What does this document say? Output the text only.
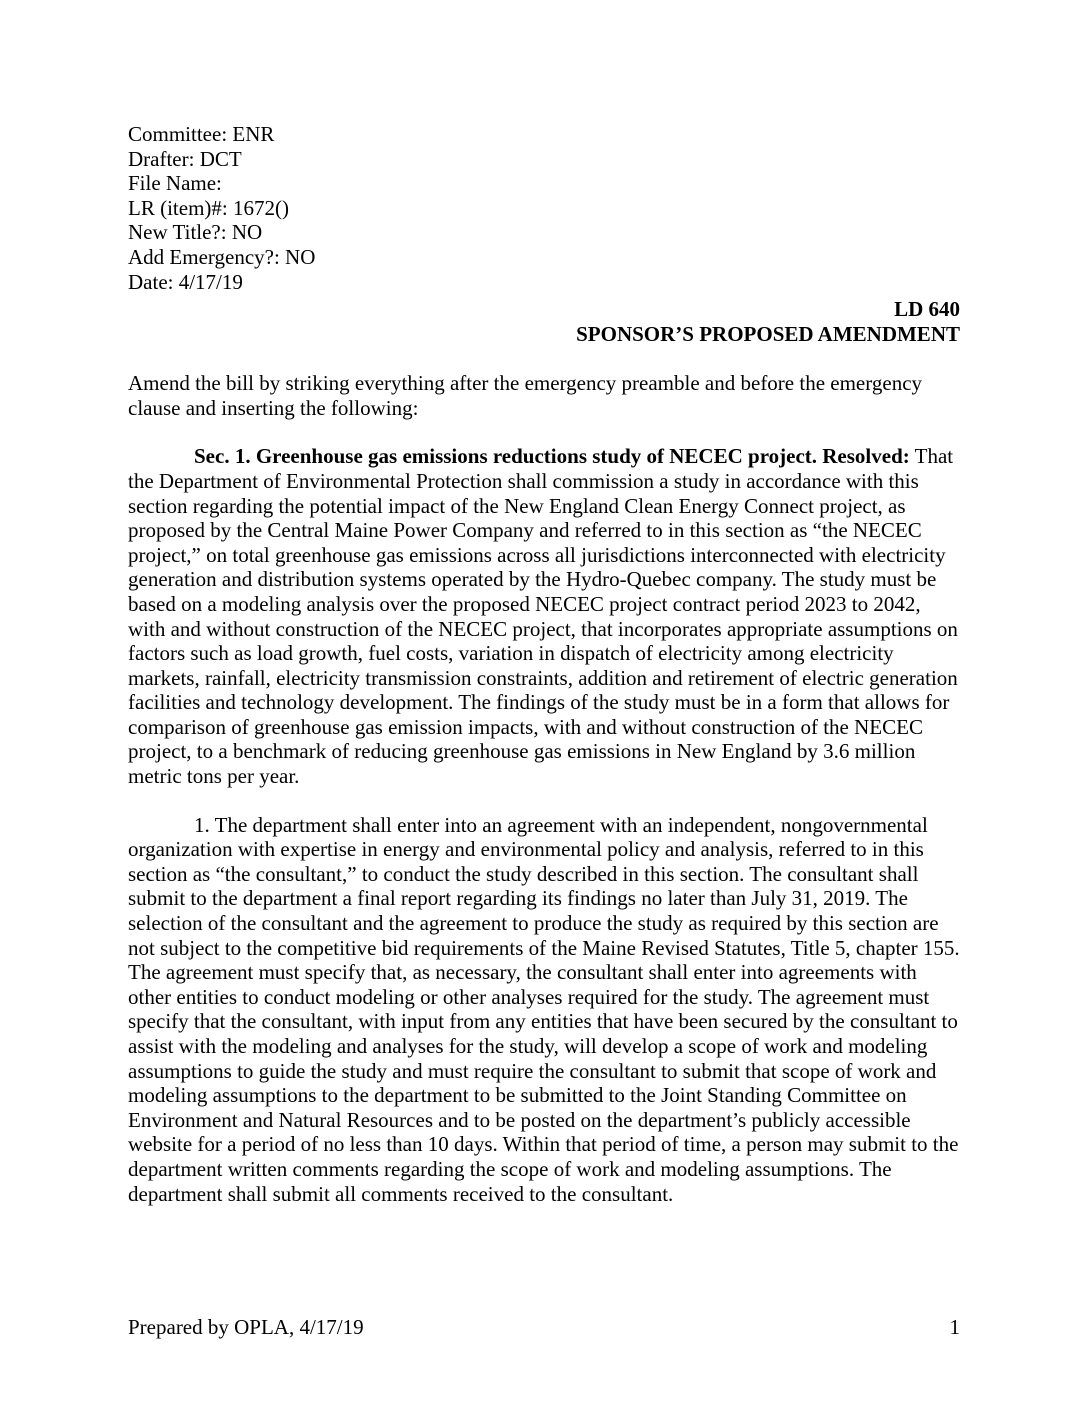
Committee: ENR
Drafter: DCT
File Name:
LR (item)#: 1672()
New Title?: NO
Add Emergency?: NO
Date: 4/17/19
LD 640
SPONSOR’S PROPOSED AMENDMENT

Amend the bill by striking everything after the emergency preamble and before the emergency clause and inserting the following:

Sec. 1. Greenhouse gas emissions reductions study of NECEC project. Resolved: That the Department of Environmental Protection shall commission a study in accordance with this section regarding the potential impact of the New England Clean Energy Connect project, as proposed by the Central Maine Power Company and referred to in this section as “the NECEC project,” on total greenhouse gas emissions across all jurisdictions interconnected with electricity generation and distribution systems operated by the Hydro-Quebec company. The study must be based on a modeling analysis over the proposed NECEC project contract period 2023 to 2042, with and without construction of the NECEC project, that incorporates appropriate assumptions on factors such as load growth, fuel costs, variation in dispatch of electricity among electricity markets, rainfall, electricity transmission constraints, addition and retirement of electric generation facilities and technology development. The findings of the study must be in a form that allows for comparison of greenhouse gas emission impacts, with and without construction of the NECEC project, to a benchmark of reducing greenhouse gas emissions in New England by 3.6 million metric tons per year.

1. The department shall enter into an agreement with an independent, nongovernmental organization with expertise in energy and environmental policy and analysis, referred to in this section as “the consultant,” to conduct the study described in this section. The consultant shall submit to the department a final report regarding its findings no later than July 31, 2019. The selection of the consultant and the agreement to produce the study as required by this section are not subject to the competitive bid requirements of the Maine Revised Statutes, Title 5, chapter 155. The agreement must specify that, as necessary, the consultant shall enter into agreements with other entities to conduct modeling or other analyses required for the study. The agreement must specify that the consultant, with input from any entities that have been secured by the consultant to assist with the modeling and analyses for the study, will develop a scope of work and modeling assumptions to guide the study and must require the consultant to submit that scope of work and modeling assumptions to the department to be submitted to the Joint Standing Committee on Environment and Natural Resources and to be posted on the department’s publicly accessible website for a period of no less than 10 days. Within that period of time, a person may submit to the department written comments regarding the scope of work and modeling assumptions. The department shall submit all comments received to the consultant.

Prepared by OPLA, 4/17/19	1
